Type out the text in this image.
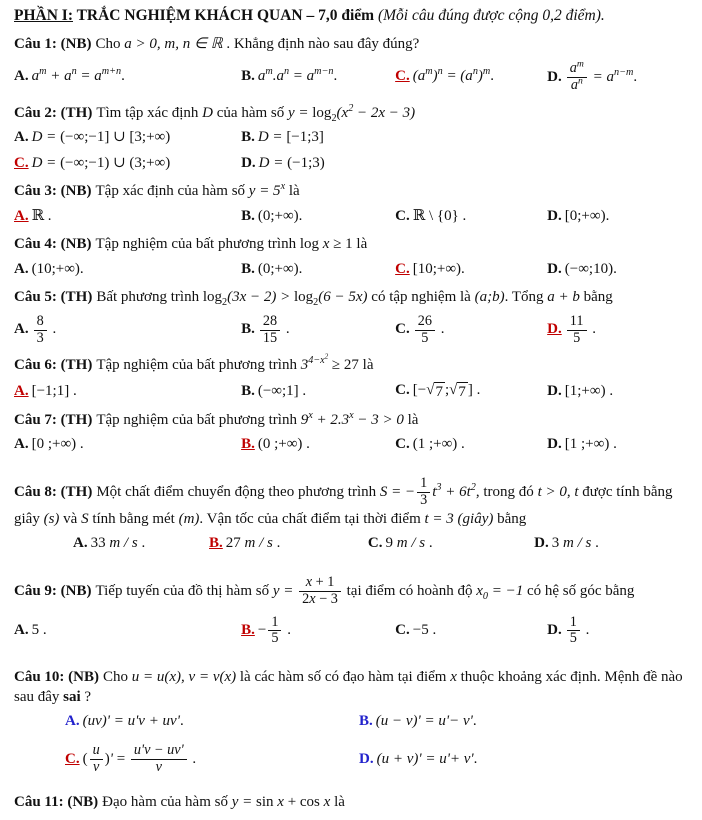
PHẦN I: TRẮC NGHIỆM KHÁCH QUAN – 7,0 điểm (Mỗi câu đúng được cộng 0,2 điểm).
Câu 1: (NB) Cho a > 0, m, n ∈ ℝ . Khẳng định nào sau đây đúng?
A. $a^m + a^n = a^{m+n}$.	B. $a^m.a^n = a^{m-n}$.	C. $(a^m)^n = (a^n)^m$.	D. $\frac{a^m}{a^n} = a^{n-m}$.
Câu 2: (TH) Tìm tập xác định D của hàm số $y = \log_2(x^2 - 2x - 3)$
A. D = (−∞;−1] ∪ [3;+∞)	B. D = [−1;3]
C. D = (−∞;−1) ∪ (3;+∞)	D. D = (−1;3)
Câu 3: (NB) Tập xác định của hàm số $y = 5^x$ là
A. ℝ .	B. (0;+∞).	C. ℝ \ {0} .	D. [0;+∞).
Câu 4: (NB) Tập nghiệm của bất phương trình log x ≥ 1 là
A. (10;+∞).	B. (0;+∞).	C. [10;+∞).	D. (−∞;10).
Câu 5: (TH) Bất phương trình $\log_2(3x - 2) > \log_2(6 - 5x)$ có tập nghiệm là (a;b). Tổng a + b bằng
A. $\frac{8}{3}$ .	B. $\frac{28}{15}$ .	C. $\frac{26}{5}$ .	D. $\frac{11}{5}$ .
Câu 6: (TH) Tập nghiệm của bất phương trình $3^{4-x^2} \ge 27$ là
A. [−1;1] .	B. (−∞;1] .	C. [− √ 7 ; √ 7 ] .	D. [1;+∞) .
Câu 7: (TH) Tập nghiệm của bất phương trình $9^x + 2.3^x - 3 > 0$ là
A. [0 ;+∞) .	B. (0 ;+∞) .	C. (1 ;+∞) .	D. [1 ;+∞) .
Câu 8: (TH) Một chất điểm chuyển động theo phương trình S = − $\frac{1}{3} t^3 + 6t^2$, trong đó t > 0, t được tính bằng giây (s) và S tính bằng mét (m). Vận tốc của chất điểm tại thời điểm t = 3 (giây) bằng
A. 33 m / s .	B. 27 m / s .	C. 9 m / s .	D. 3 m / s .
Câu 9: (NB) Tiếp tuyến của đồ thị hàm số $y = \frac{x + 1}{2x - 3}$ tại điểm có hoành độ $x_0 = -1$ có hệ số góc bằng
A. 5 .	B. − $\frac{1}{5}$ .	C. −5 .	D. $\frac{1}{5}$ .
Câu 10: (NB) Cho u = u(x), v = v(x) là các hàm số có đạo hàm tại điểm x thuộc khoảng xác định. Mệnh đề nào sau đây sai ?
A. (uv)' = u'v + uv'.	B. (u − v)' = u'− v'.
C. ( $\frac{u}{v}$ )' = $\frac{u'v - uv'}{v}$ .	D. (u + v)' = u'+ v'.
Câu 11: (NB) Đạo hàm của hàm số y = sin x + cos x là
